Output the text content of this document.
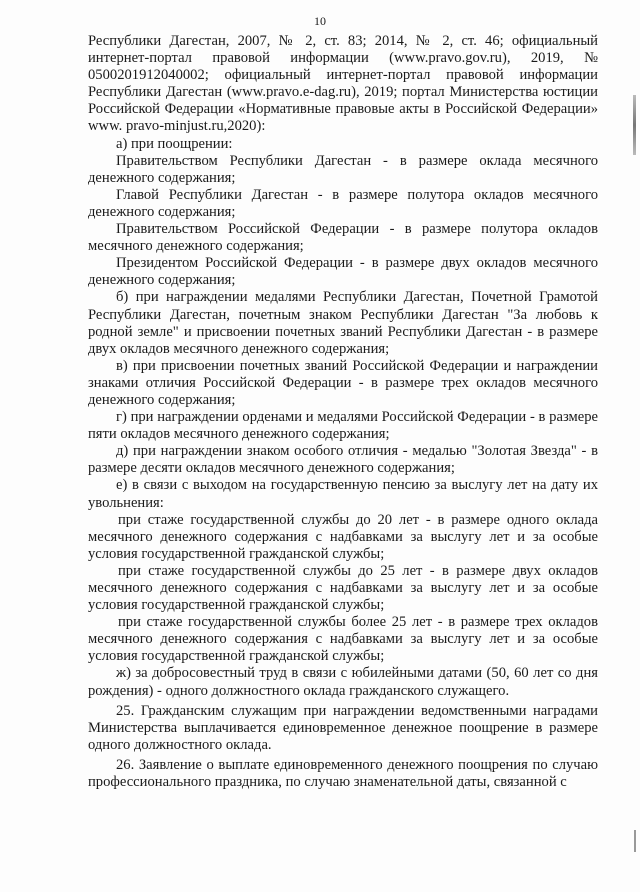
10

Республики Дагестан, 2007, № 2, ст. 83; 2014, № 2, ст. 46; официальный интернет-портал правовой информации (www.pravo.gov.ru), 2019, № 0500201912040002; официальный интернет-портал правовой информации Республики Дагестан (www.pravo.e-dag.ru), 2019; портал Министерства юстиции Российской Федерации «Нормативные правовые акты в Российской Федерации» www. pravo-minjust.ru,2020):

а) при поощрении:

Правительством Республики Дагестан - в размере оклада месячного денежного содержания;

Главой Республики Дагестан - в размере полутора окладов месячного денежного содержания;

Правительством Российской Федерации - в размере полутора окладов месячного денежного содержания;

Президентом Российской Федерации - в размере двух окладов месячного денежного содержания;

б) при награждении медалями Республики Дагестан, Почетной Грамотой Республики Дагестан, почетным знаком Республики Дагестан "За любовь к родной земле" и присвоении почетных званий Республики Дагестан - в размере двух окладов месячного денежного содержания;

в) при присвоении почетных званий Российской Федерации и награждении знаками отличия Российской Федерации - в размере трех окладов месячного денежного содержания;

г) при награждении орденами и медалями Российской Федерации - в размере пяти окладов месячного денежного содержания;

д) при награждении знаком особого отличия - медалью "Золотая Звезда" - в размере десяти окладов месячного денежного содержания;

е) в связи с выходом на государственную пенсию за выслугу лет на дату их увольнения:

при стаже государственной службы до 20 лет - в размере одного оклада месячного денежного содержания с надбавками за выслугу лет и за особые условия государственной гражданской службы;

при стаже государственной службы до 25 лет - в размере двух окладов месячного денежного содержания с надбавками за выслугу лет и за особые условия государственной гражданской службы;

при стаже государственной службы более 25 лет - в размере трех окладов месячного денежного содержания с надбавками за выслугу лет и за особые условия государственной гражданской службы;

ж) за добросовестный труд в связи с юбилейными датами (50, 60 лет со дня рождения) - одного должностного оклада гражданского служащего.

25. Гражданским служащим при награждении ведомственными наградами Министерства выплачивается единовременное денежное поощрение в размере одного должностного оклада.

26. Заявление о выплате единовременного денежного поощрения по случаю профессионального праздника, по случаю знаменательной даты, связанной с
